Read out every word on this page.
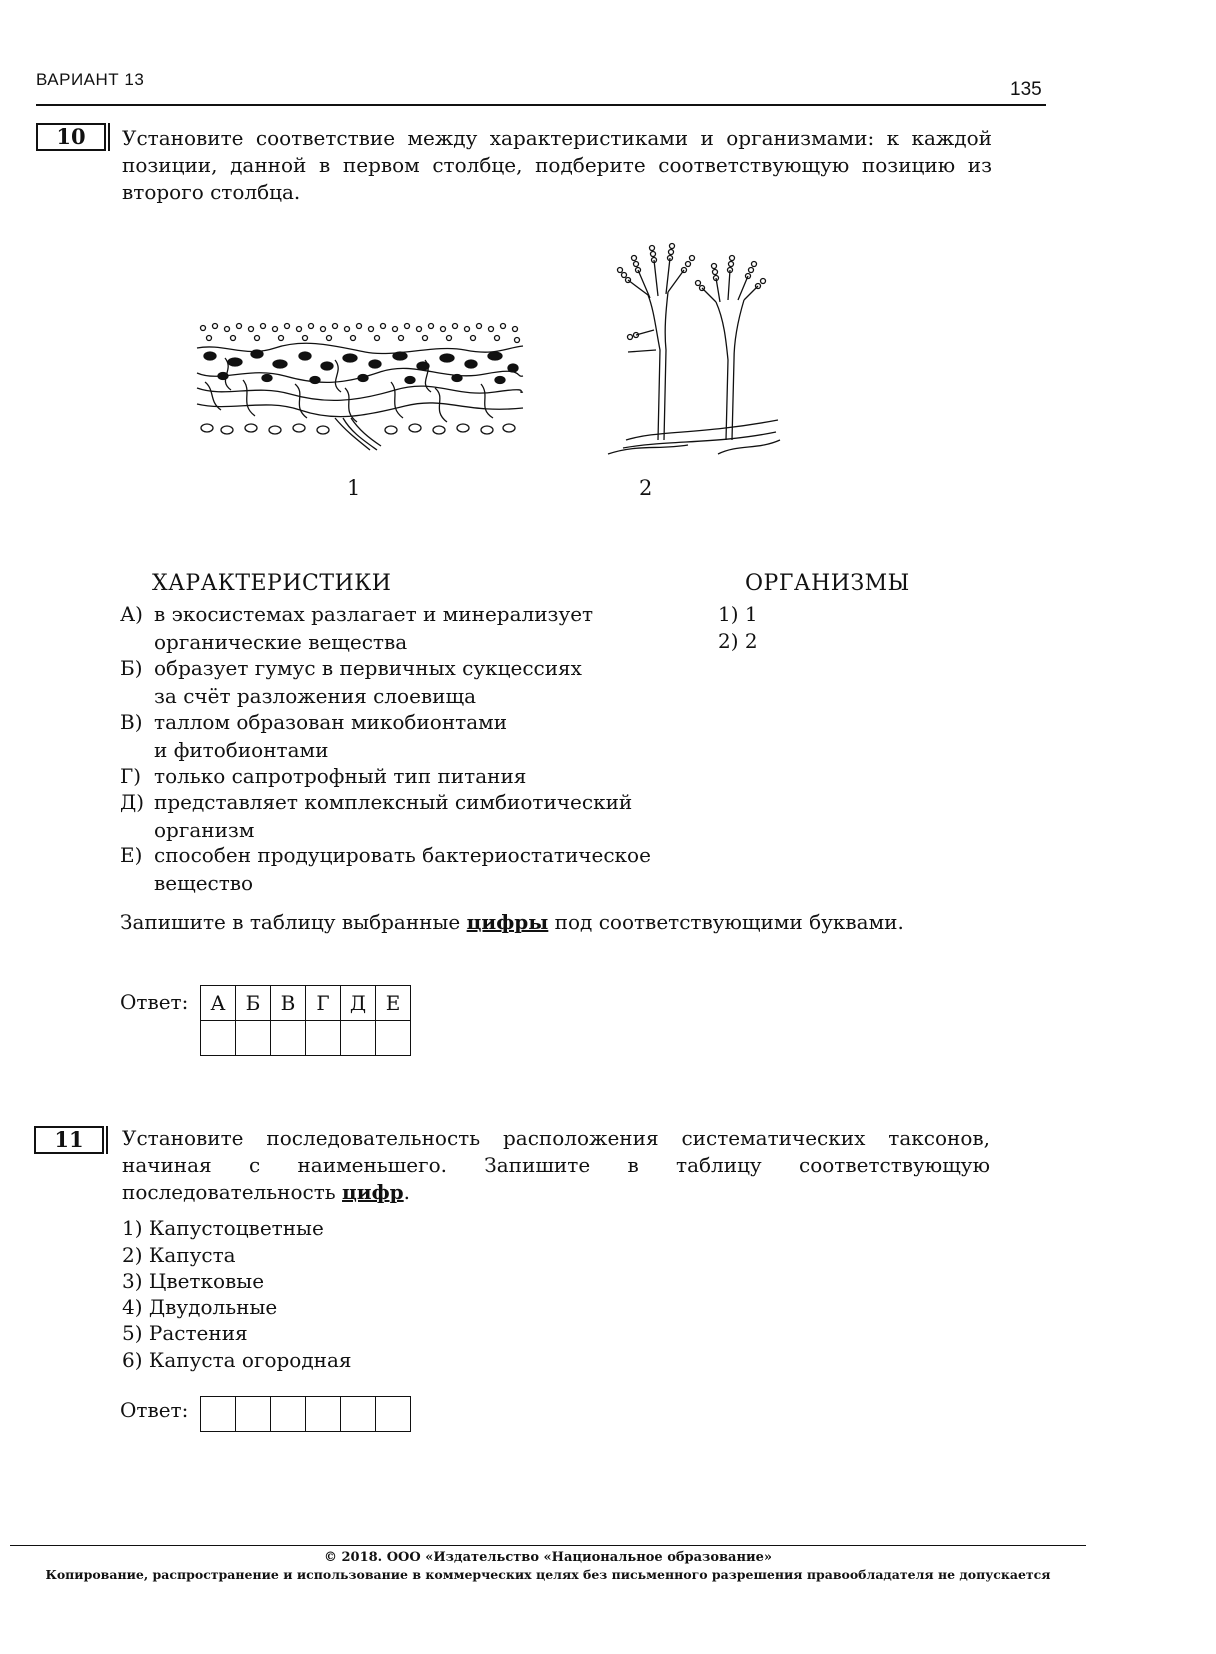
ВАРИАНТ 13	135
10	Установите соответствие между характеристиками и организмами: к каждой позиции, данной в первом столбце, подберите соответствующую позицию из второго столбца.
1	2
ХАРАКТЕРИСТИКИ	ОРГАНИЗМЫ
А) в экосистемах разлагает и минерализует
органические вещества
Б) образует гумус в первичных сукцессиях
за счёт разложения слоевища
В) таллом образован микобионтами
и фитобионтами
Г) только сапротрофный тип питания
Д) представляет комплексный симбиотический
организм
Е) способен продуцировать бактериостатическое
вещество
1) 1
2) 2
Запишите в таблицу выбранные цифры под соответствующими буквами.
Ответ: А	Б	В	Г	Д	Е

11	Установите последовательность расположения систематических таксонов, начиная с наименьшего. Запишите в таблицу соответствующую последовательность цифр.
1) Капустоцветные
2) Капуста
3) Цветковые
4) Двудольные
5) Растения
6) Капуста огородная
Ответ:

© 2018. ООО «Издательство «Национальное образование»
Копирование, распространение и использование в коммерческих целях без письменного разрешения правообладателя не допускается
